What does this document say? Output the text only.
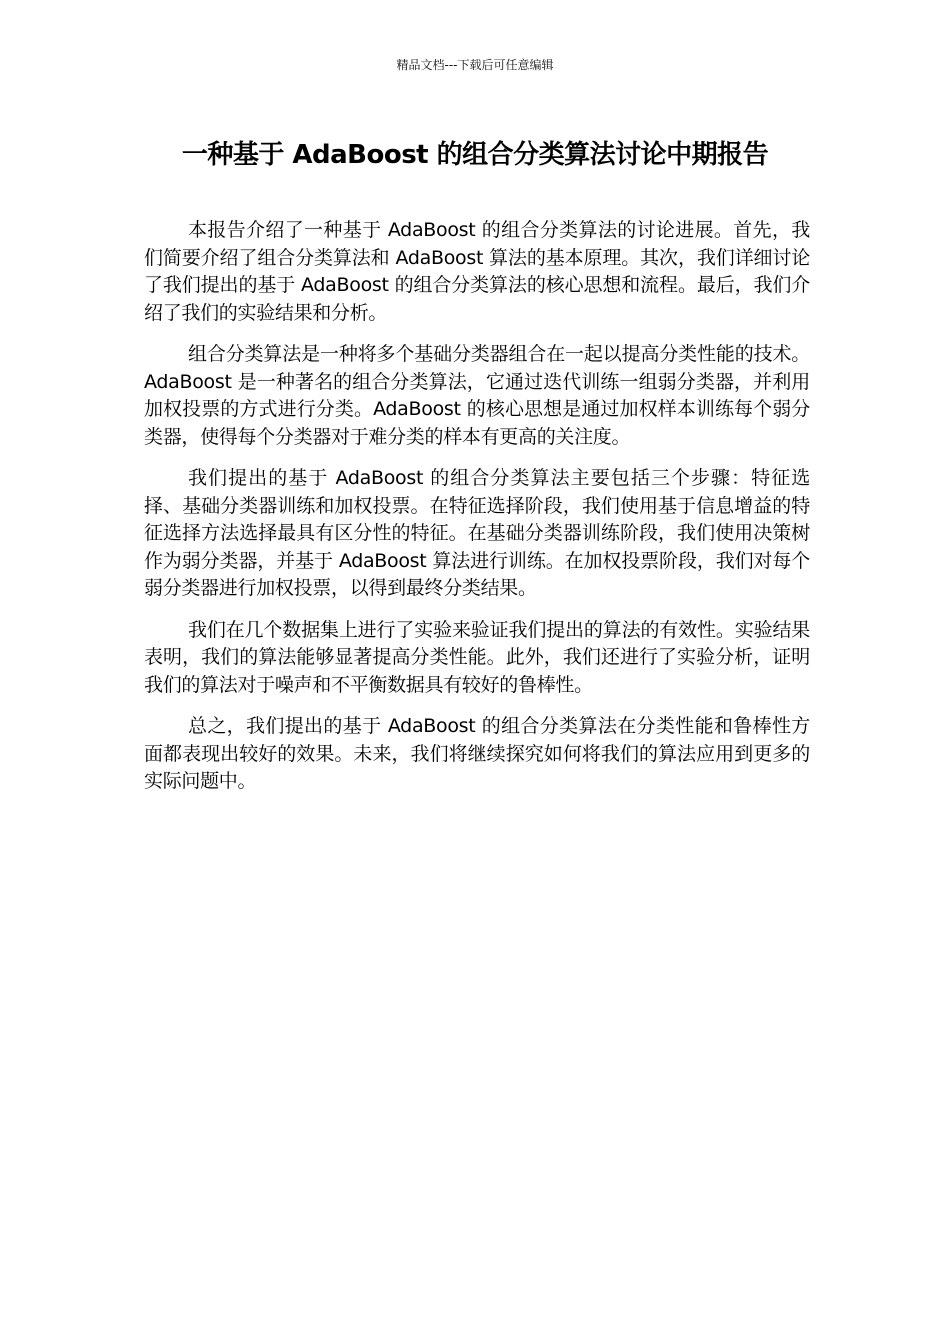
精品文档---下载后可任意编辑
一种基于 AdaBoost 的组合分类算法讨论中期报告

本报告介绍了一种基于 AdaBoost 的组合分类算法的讨论进展。首先，我们简要介绍了组合分类算法和 AdaBoost 算法的基本原理。其次，我们详细讨论了我们提出的基于 AdaBoost 的组合分类算法的核心思想和流程。最后，我们介绍了我们的实验结果和分析。

组合分类算法是一种将多个基础分类器组合在一起以提高分类性能的技术。AdaBoost 是一种著名的组合分类算法，它通过迭代训练一组弱分类器，并利用加权投票的方式进行分类。AdaBoost 的核心思想是通过加权样本训练每个弱分类器，使得每个分类器对于难分类的样本有更高的关注度。

我们提出的基于 AdaBoost 的组合分类算法主要包括三个步骤：特征选择、基础分类器训练和加权投票。在特征选择阶段，我们使用基于信息增益的特征选择方法选择最具有区分性的特征。在基础分类器训练阶段，我们使用决策树作为弱分类器，并基于 AdaBoost 算法进行训练。在加权投票阶段，我们对每个弱分类器进行加权投票，以得到最终分类结果。

我们在几个数据集上进行了实验来验证我们提出的算法的有效性。实验结果表明，我们的算法能够显著提高分类性能。此外，我们还进行了实验分析，证明我们的算法对于噪声和不平衡数据具有较好的鲁棒性。

总之，我们提出的基于 AdaBoost 的组合分类算法在分类性能和鲁棒性方面都表现出较好的效果。未来，我们将继续探究如何将我们的算法应用到更多的实际问题中。
